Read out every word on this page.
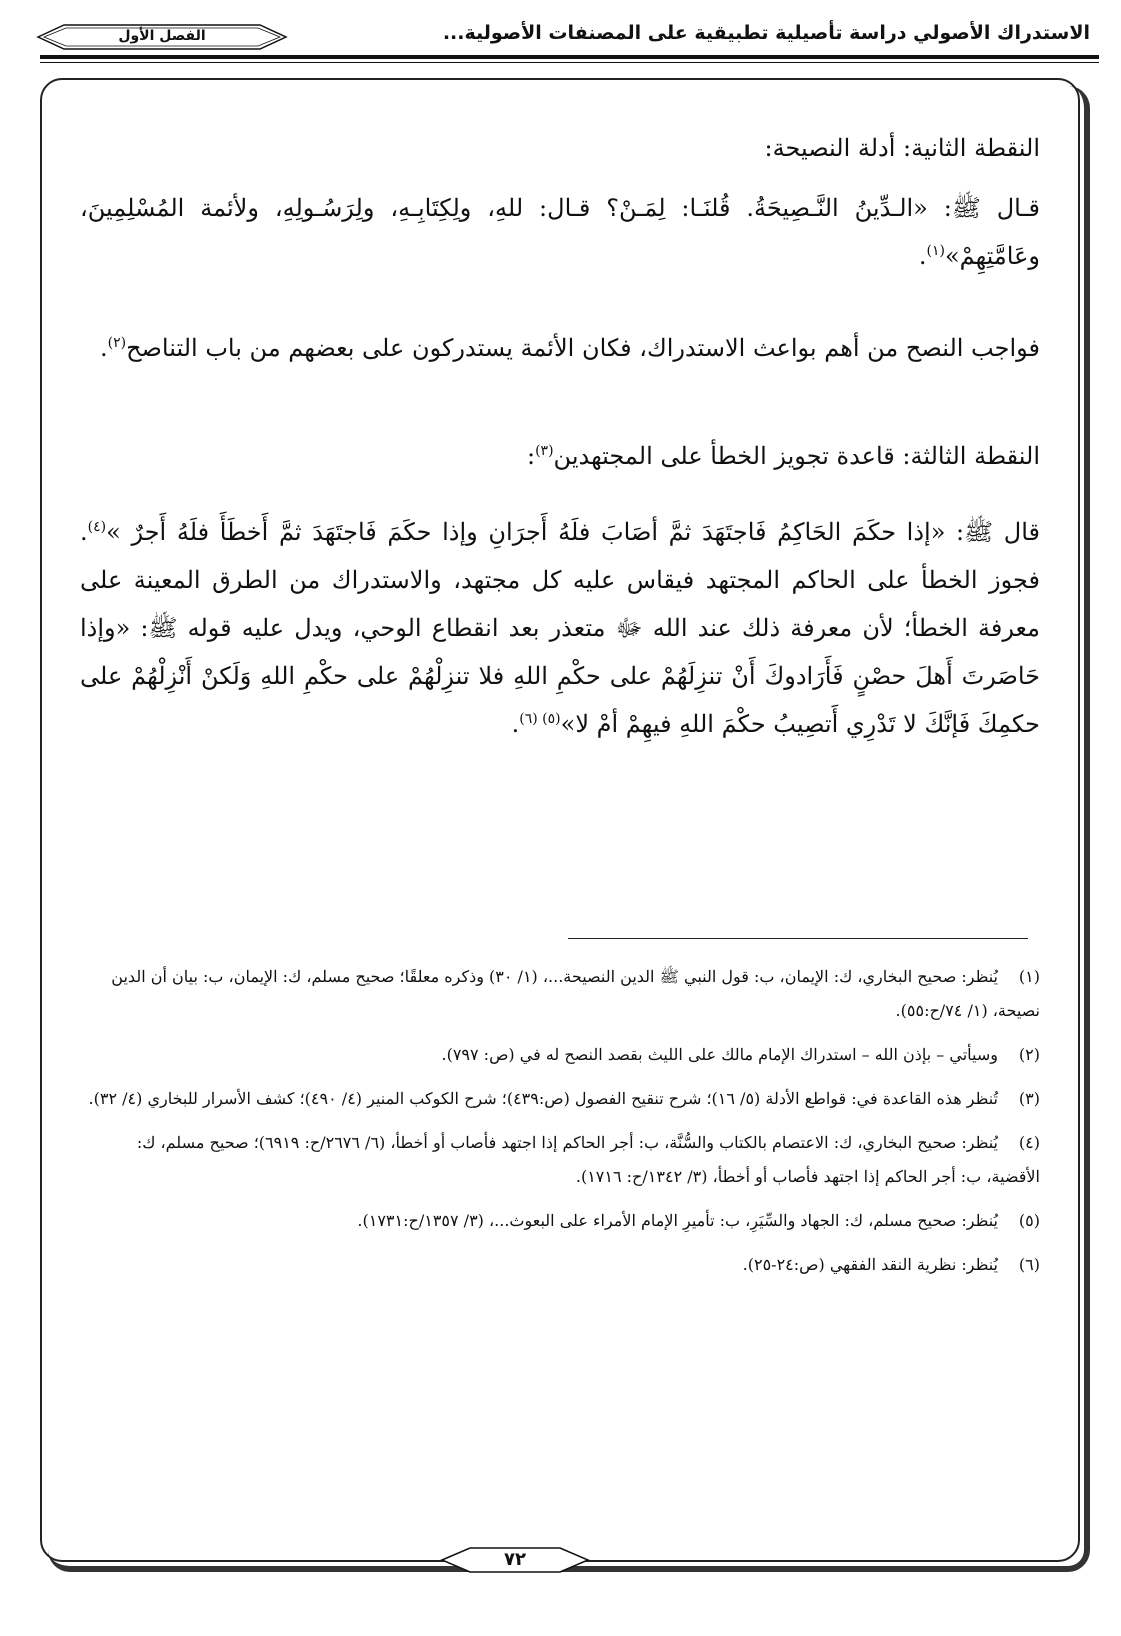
الاستدراك الأصولي دراسة تأصيلية تطبيقية على المصنفات الأصولية...
الفصل الأول
النقطة الثانية: أدلة النصيحة:
قـال ﷺ: «الـدِّينُ النَّـصِيحَةُ. قُلنَـا: لِمَـنْ؟ قـال: للهِ، ولِكِتَابِـهِ، ولِرَسُـولِهِ، ولأئمة المُسْلِمِينَ، وعَامَّتِهِمْ»$^{(١)}$.
فواجب النصح من أهم بواعث الاستدراك، فكان الأئمة يستدركون على بعضهم من باب التناصح$^{(٢)}$.
النقطة الثالثة: قاعدة تجويز الخطأ على المجتهدين$^{(٣)}$:
قال ﷺ: «إذا حكَمَ الحَاكِمُ فَاجتَهَدَ ثمَّ أصَابَ فلَهُ أَجرَانِ وإذا حكَمَ فَاجتَهَدَ ثمَّ أَخطَأَ فلَهُ أَجرٌ »$^{(٤)}$. فجوز الخطأ على الحاكم المجتهد فيقاس عليه كل مجتهد، والاستدراك من الطرق المعينة على معرفة الخطأ؛ لأن معرفة ذلك عند الله ﷻ متعذر بعد انقطاع الوحي، ويدل عليه قوله ﷺ: «وإذا حَاصَرتَ أَهلَ حصْنٍ فَأَرَادوكَ أَنْ تنزِلَهُمْ على حكْمِ اللهِ فلا تنزِلْهُمْ على حكْمِ اللهِ وَلَكنْ أَنْزِلْهُمْ على حكمِكَ فَإنَّكَ لا تَدْرِي أَتصِيبُ حكْمَ اللهِ فيهِمْ أمْ لا»$^{(٥) (٦)}$.
(١)يُنظر: صحيح البخاري، ك: الإيمان، ب: قول النبي ﷺ الدين النصيحة...، (١/ ٣٠) وذكره معلقًا؛ صحيح مسلم، ك: الإيمان، ب: بيان أن الدين نصيحة، (١/ ٧٤/ح:٥٥).
(٢)وسيأتي – بإذن الله – استدراك الإمام مالك على الليث بقصد النصح له في (ص: ٧٩٧).
(٣)تُنظر هذه القاعدة في: قواطع الأدلة (٥/ ١٦)؛ شرح تنقيح الفصول (ص:٤٣٩)؛ شرح الكوكب المنير (٤/ ٤٩٠)؛ كشف الأسرار للبخاري (٤/ ٣٢).
(٤)يُنظر: صحيح البخاري، ك: الاعتصام بالكتاب والسُّنَّة، ب: أجر الحاكم إذا اجتهد فأصاب أو أخطأ، (٦/ ٢٦٧٦/ح: ٦٩١٩)؛ صحيح مسلم، ك: الأقضية، ب: أجر الحاكم إذا اجتهد فأصاب أو أخطأ، (٣/ ١٣٤٢/ح: ١٧١٦).
(٥)يُنظر: صحيح مسلم، ك: الجهاد والسِّيَرِ، ب: تأميرِ الإمام الأمراء على البعوث...، (٣/ ١٣٥٧/ح:١٧٣١).
(٦)يُنظر: نظرية النقد الفقهي (ص:٢٤-٢٥).
٧٢
